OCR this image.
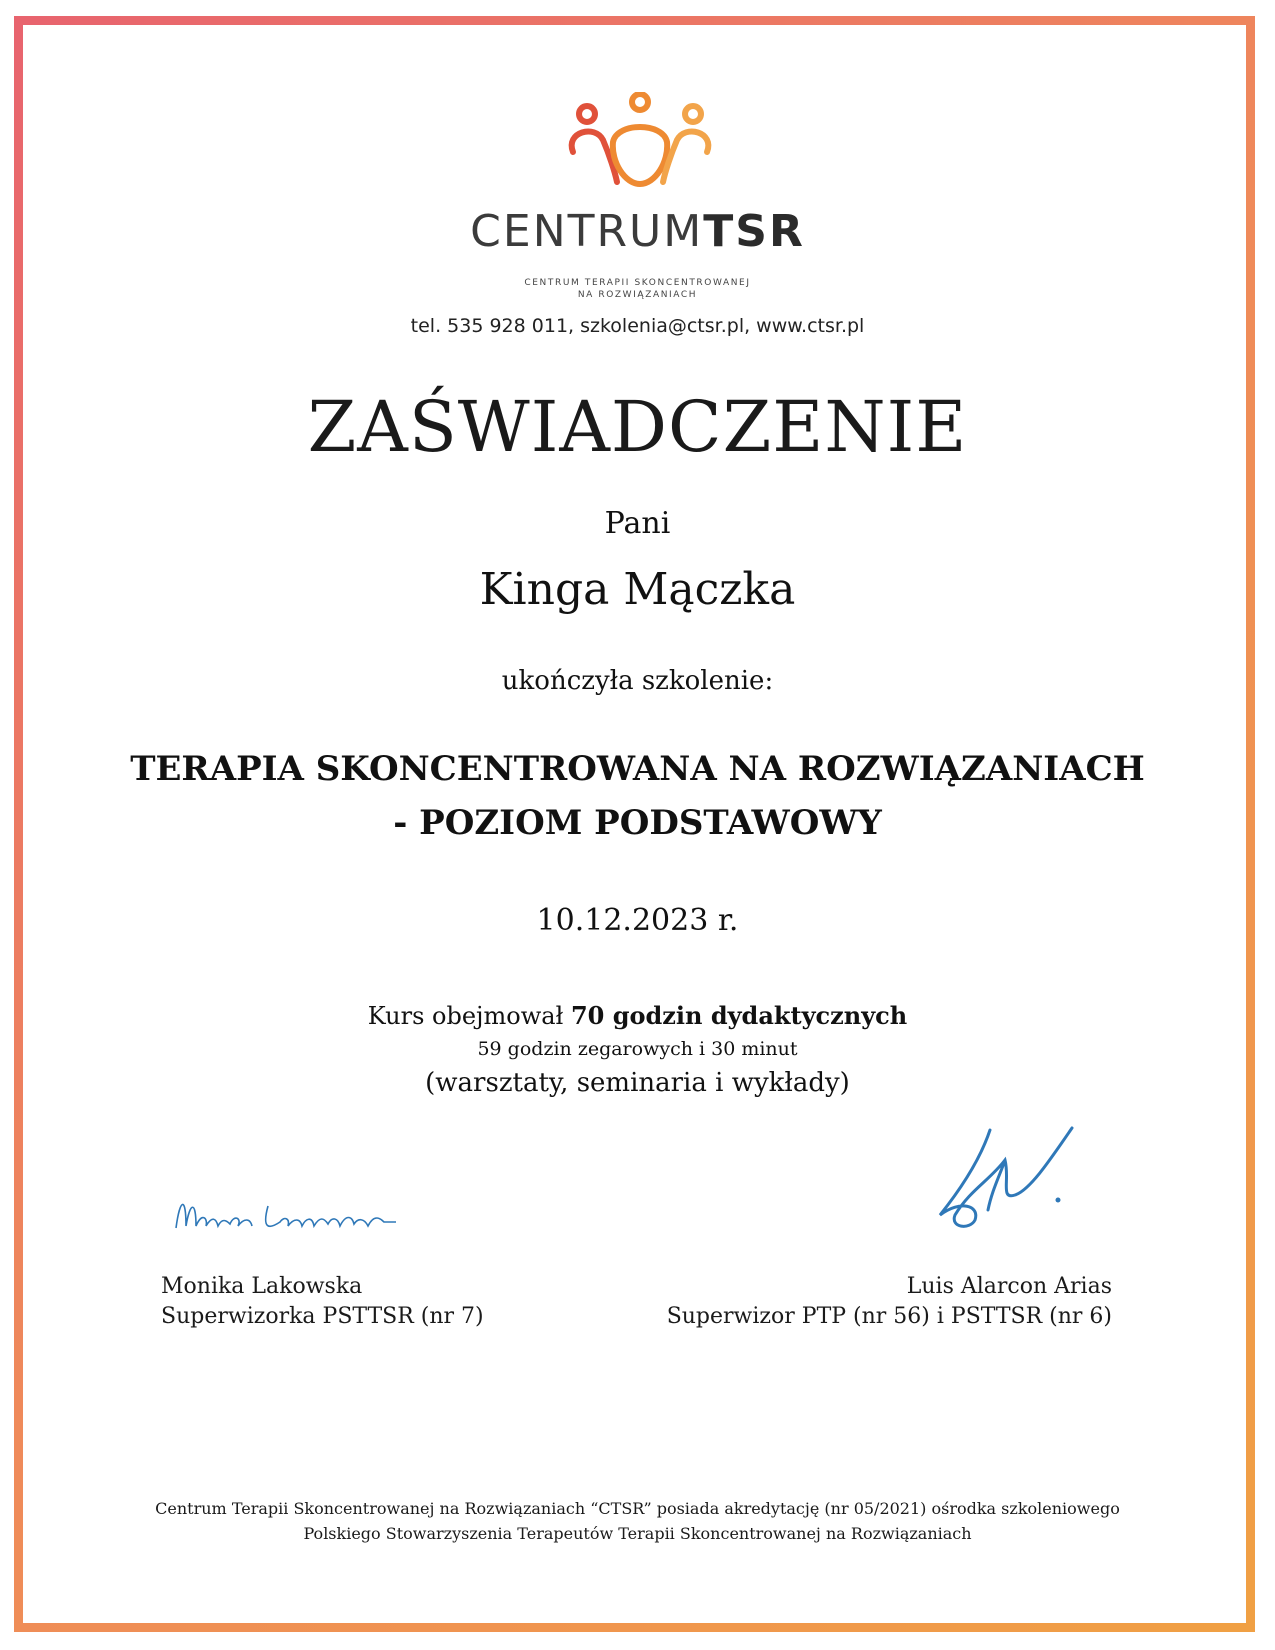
CENTRUMTSR
CENTRUM TERAPII SKONCENTROWANEJ
NA ROZWIĄZANIACH
tel. 535 928 011, szkolenia@ctsr.pl, www.ctsr.pl
ZAŚWIADCZENIE
Pani
Kinga Mączka
ukończyła szkolenie:
TERAPIA SKONCENTROWANA NA ROZWIĄZANIACH
- POZIOM PODSTAWOWY
10.12.2023 r.
Kurs obejmował 70 godzin dydaktycznych
59 godzin zegarowych i 30 minut
(warsztaty, seminaria i wykłady)
Monika Lakowska
Superwizorka PSTTSR (nr 7)
Luis Alarcon Arias
Superwizor PTP (nr 56) i PSTTSR (nr 6)
Centrum Terapii Skoncentrowanej na Rozwiązaniach “CTSR” posiada akredytację (nr 05/2021) ośrodka szkoleniowego
Polskiego Stowarzyszenia Terapeutów Terapii Skoncentrowanej na Rozwiązaniach
